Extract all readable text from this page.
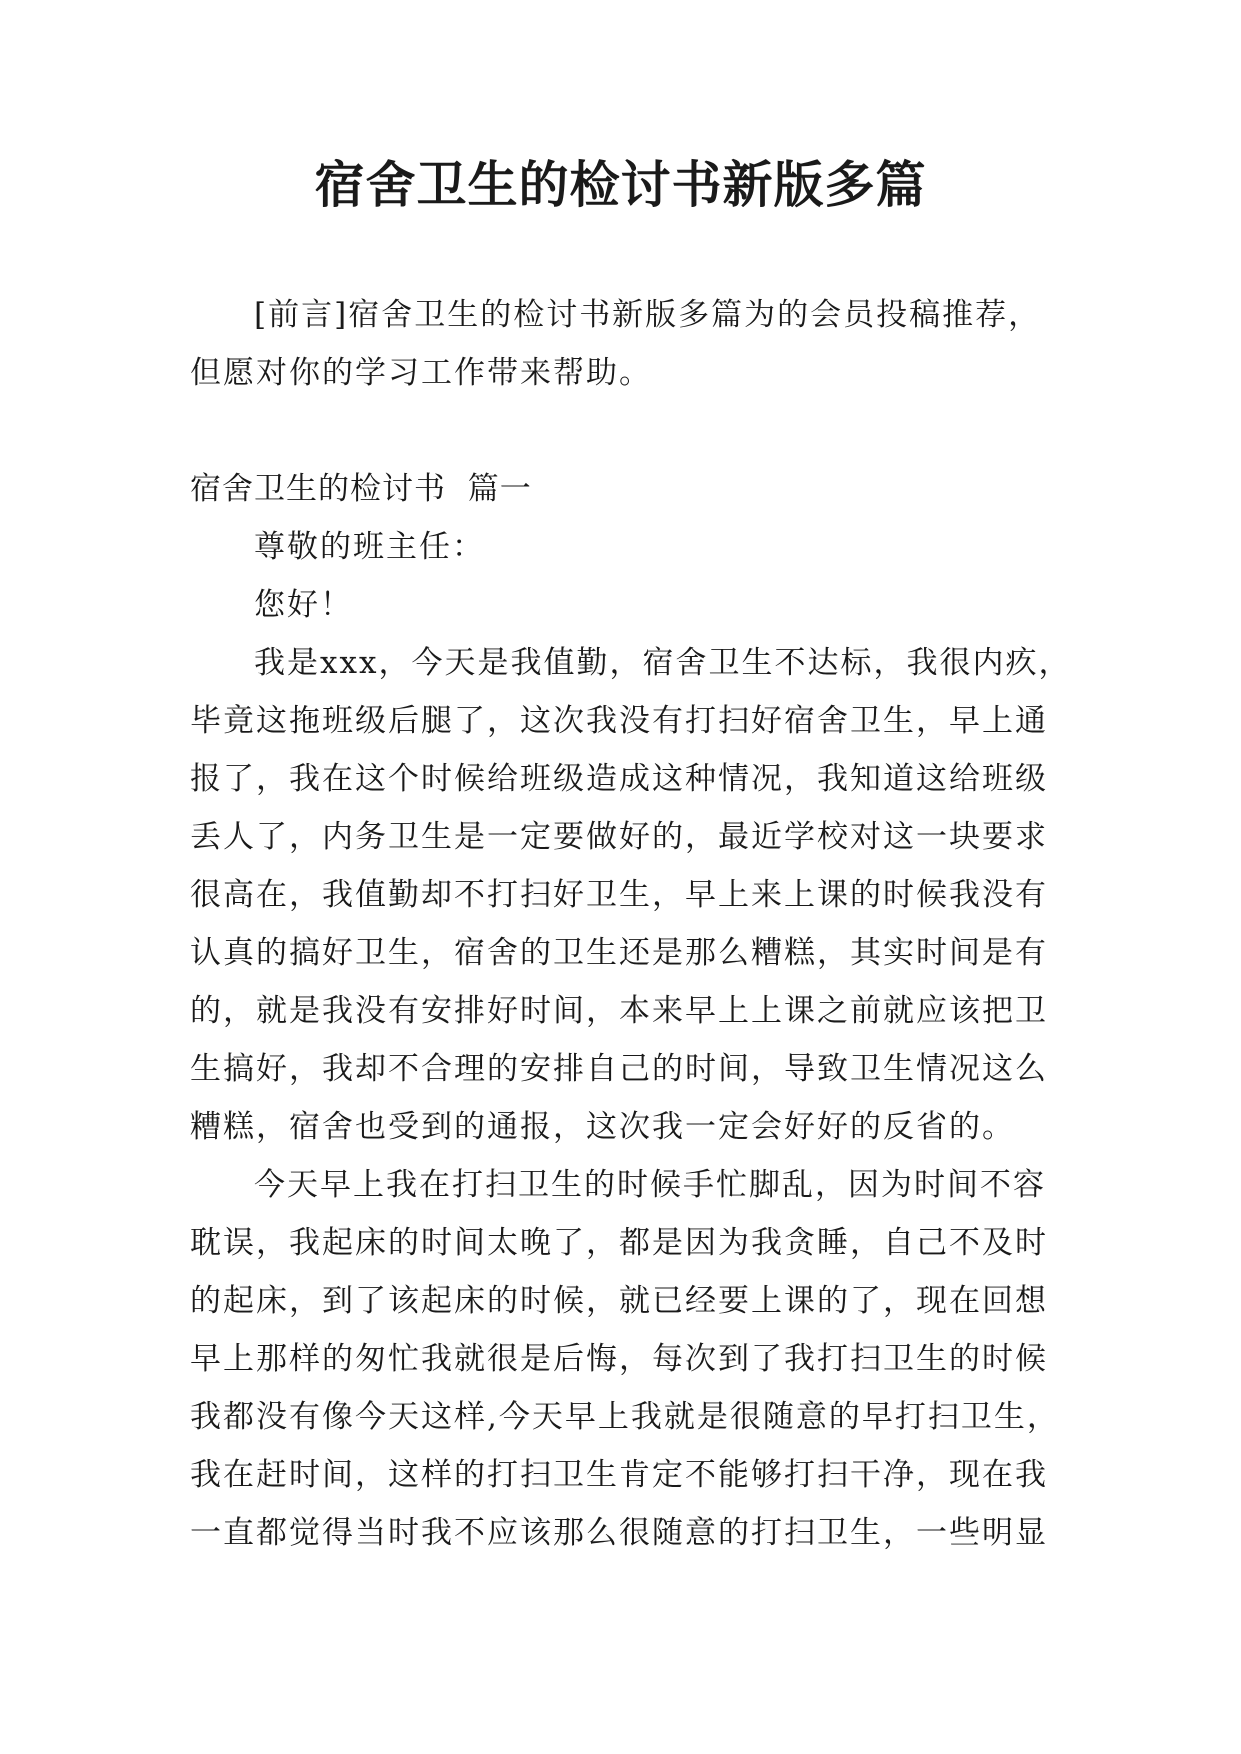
宿舍卫生的检讨书新版多篇
[前言]宿舍卫生的检讨书新版多篇为的会员投稿推荐，
但愿对你的学习工作带来帮助。
宿舍卫生的检讨书  篇一
尊敬的班主任：
您好！
我是xxx，今天是我值勤，宿舍卫生不达标，我很内疚，
毕竟这拖班级后腿了，这次我没有打扫好宿舍卫生，早上通
报了，我在这个时候给班级造成这种情况，我知道这给班级
丢人了，内务卫生是一定要做好的，最近学校对这一块要求
很高在，我值勤却不打扫好卫生，早上来上课的时候我没有
认真的搞好卫生，宿舍的卫生还是那么糟糕，其实时间是有
的，就是我没有安排好时间，本来早上上课之前就应该把卫
生搞好，我却不合理的安排自己的时间，导致卫生情况这么
糟糕，宿舍也受到的通报，这次我一定会好好的反省的。
今天早上我在打扫卫生的时候手忙脚乱，因为时间不容
耽误，我起床的时间太晚了，都是因为我贪睡，自己不及时
的起床，到了该起床的时候，就已经要上课的了，现在回想
早上那样的匆忙我就很是后悔，每次到了我打扫卫生的时候
我都没有像今天这样,今天早上我就是很随意的早打扫卫生，
我在赶时间，这样的打扫卫生肯定不能够打扫干净，现在我
一直都觉得当时我不应该那么很随意的打扫卫生，一些明显
